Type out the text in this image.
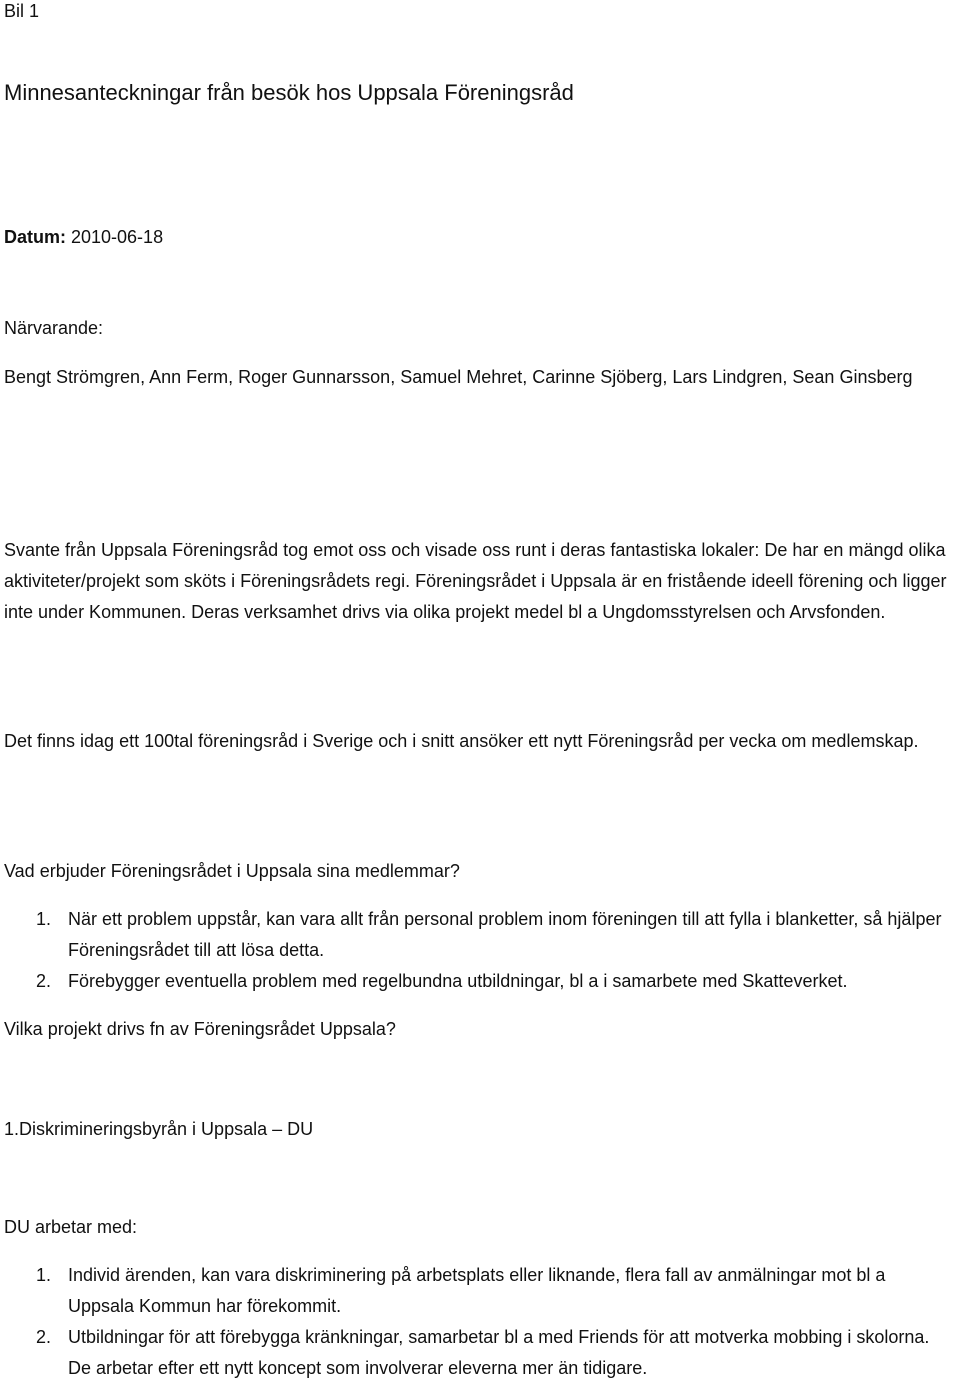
Bil 1
Minnesanteckningar från besök hos Uppsala Föreningsråd
Datum: 2010-06-18
Närvarande:
Bengt Strömgren, Ann Ferm, Roger Gunnarsson, Samuel Mehret, Carinne Sjöberg, Lars Lindgren, Sean Ginsberg
Svante från Uppsala Föreningsråd tog emot oss och visade oss runt i deras fantastiska lokaler: De har en mängd olika aktiviteter/projekt som sköts i Föreningsrådets regi. Föreningsrådet i Uppsala är en fristående ideell förening och ligger inte under Kommunen. Deras verksamhet drivs via olika projekt medel bl a Ungdomsstyrelsen och Arvsfonden.
Det finns idag ett 100tal föreningsråd i Sverige och i snitt ansöker ett nytt Föreningsråd per vecka om medlemskap.
Vad erbjuder Föreningsrådet i Uppsala sina medlemmar?
1. När ett problem uppstår, kan vara allt från personal problem inom föreningen till att fylla i blanketter, så hjälper Föreningsrådet till att lösa detta.
2. Förebygger eventuella problem med regelbundna utbildningar, bl a i samarbete med Skatteverket.
Vilka projekt drivs fn av Föreningsrådet Uppsala?
1.Diskrimineringsbyrån i Uppsala – DU
DU arbetar med:
1. Individ ärenden, kan vara diskriminering på arbetsplats eller liknande, flera fall av anmälningar mot bl a Uppsala Kommun har förekommit.
2. Utbildningar för att förebygga kränkningar, samarbetar bl a med Friends för att motverka mobbing i skolorna. De arbetar efter ett nytt koncept som involverar eleverna mer än tidigare.
